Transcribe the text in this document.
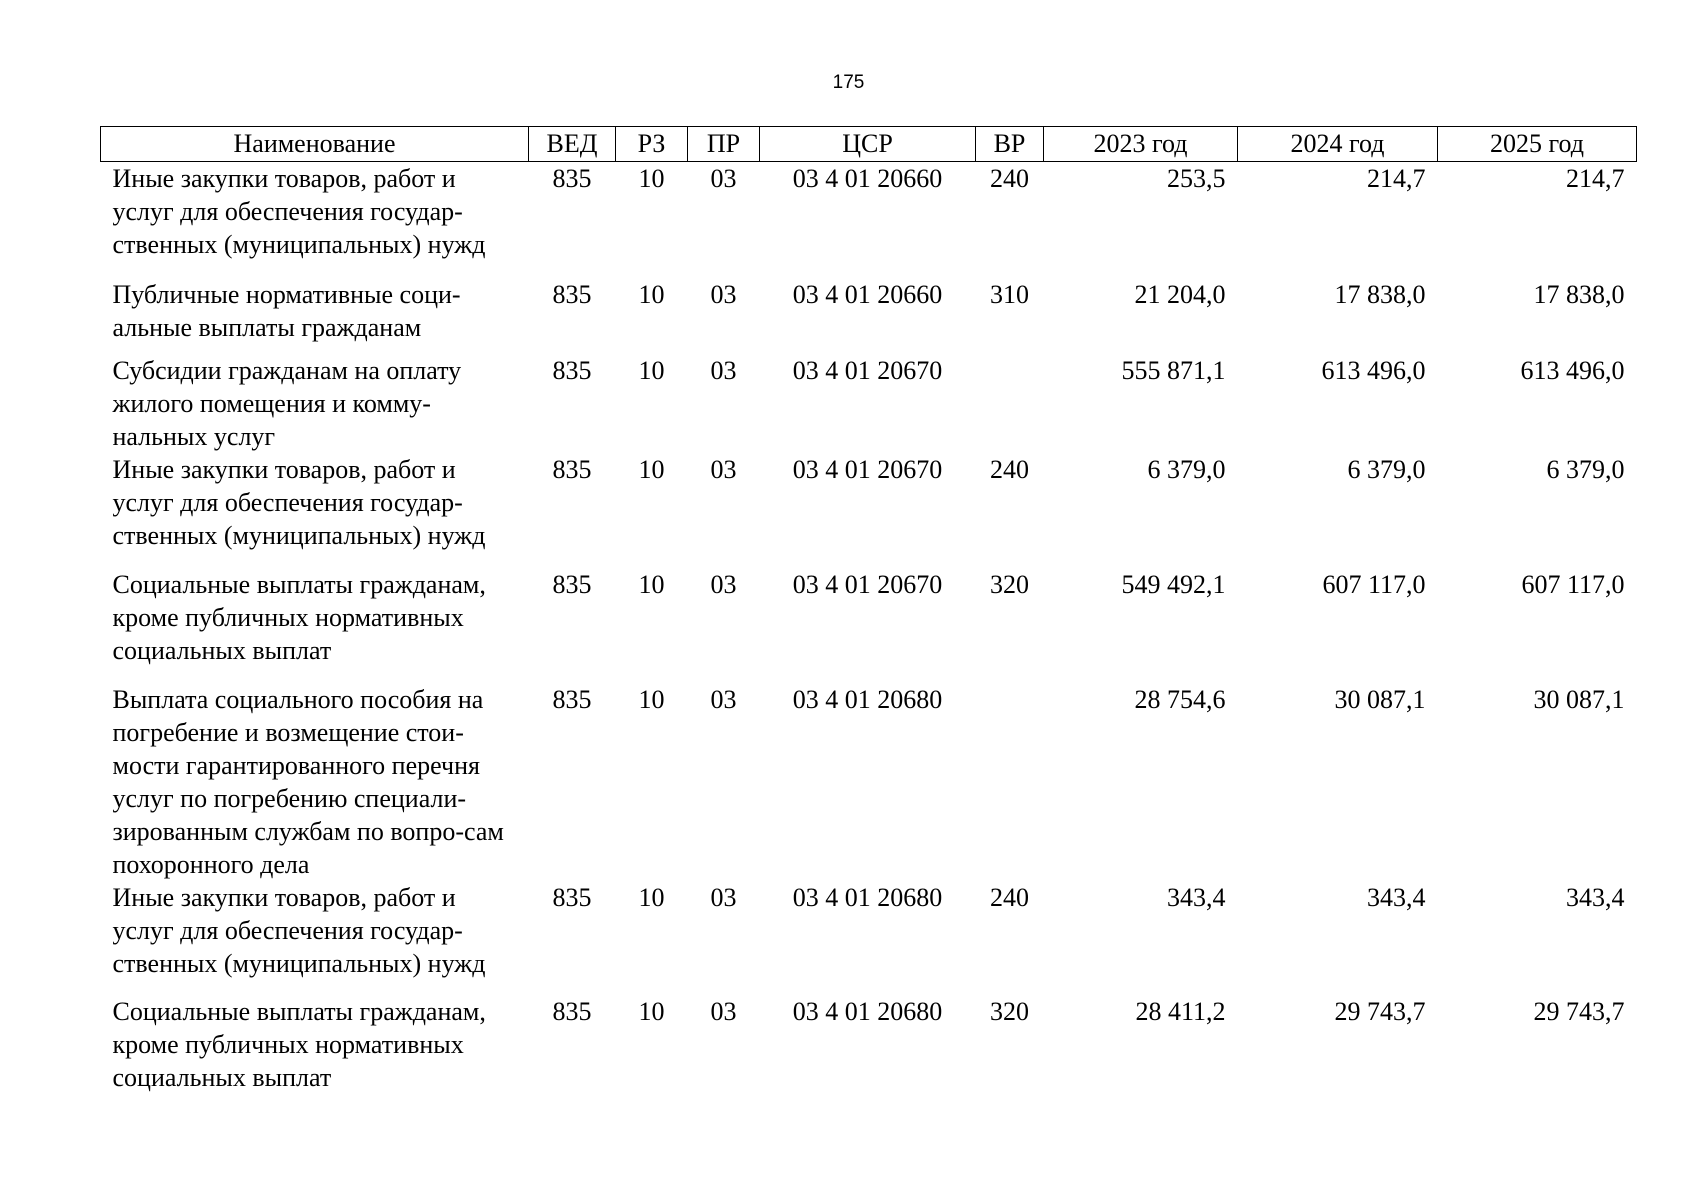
175
Наименование	ВЕД	РЗ	ПР	ЦСР	ВР	2023 год	2024 год	2025 год
Иные закупки товаров, работ и услуг для обеспечения государ-ственных (муниципальных) нужд	835	10	03	03 4 01 20660	240	253,5	214,7	214,7
Публичные нормативные соци-альные выплаты гражданам	835	10	03	03 4 01 20660	310	21 204,0	17 838,0	17 838,0
Субсидии гражданам на оплату жилого помещения и комму-нальных услуг	835	10	03	03 4 01 20670		555 871,1	613 496,0	613 496,0
Иные закупки товаров, работ и услуг для обеспечения государ-ственных (муниципальных) нужд	835	10	03	03 4 01 20670	240	6 379,0	6 379,0	6 379,0
Социальные выплаты гражданам, кроме публичных нормативных социальных выплат	835	10	03	03 4 01 20670	320	549 492,1	607 117,0	607 117,0
Выплата социального пособия на погребение и возмещение стои-мости гарантированного перечня услуг по погребению специали-зированным службам по вопро-сам похоронного дела	835	10	03	03 4 01 20680		28 754,6	30 087,1	30 087,1
Иные закупки товаров, работ и услуг для обеспечения государ-ственных (муниципальных) нужд	835	10	03	03 4 01 20680	240	343,4	343,4	343,4
Социальные выплаты гражданам, кроме публичных нормативных социальных выплат	835	10	03	03 4 01 20680	320	28 411,2	29 743,7	29 743,7
